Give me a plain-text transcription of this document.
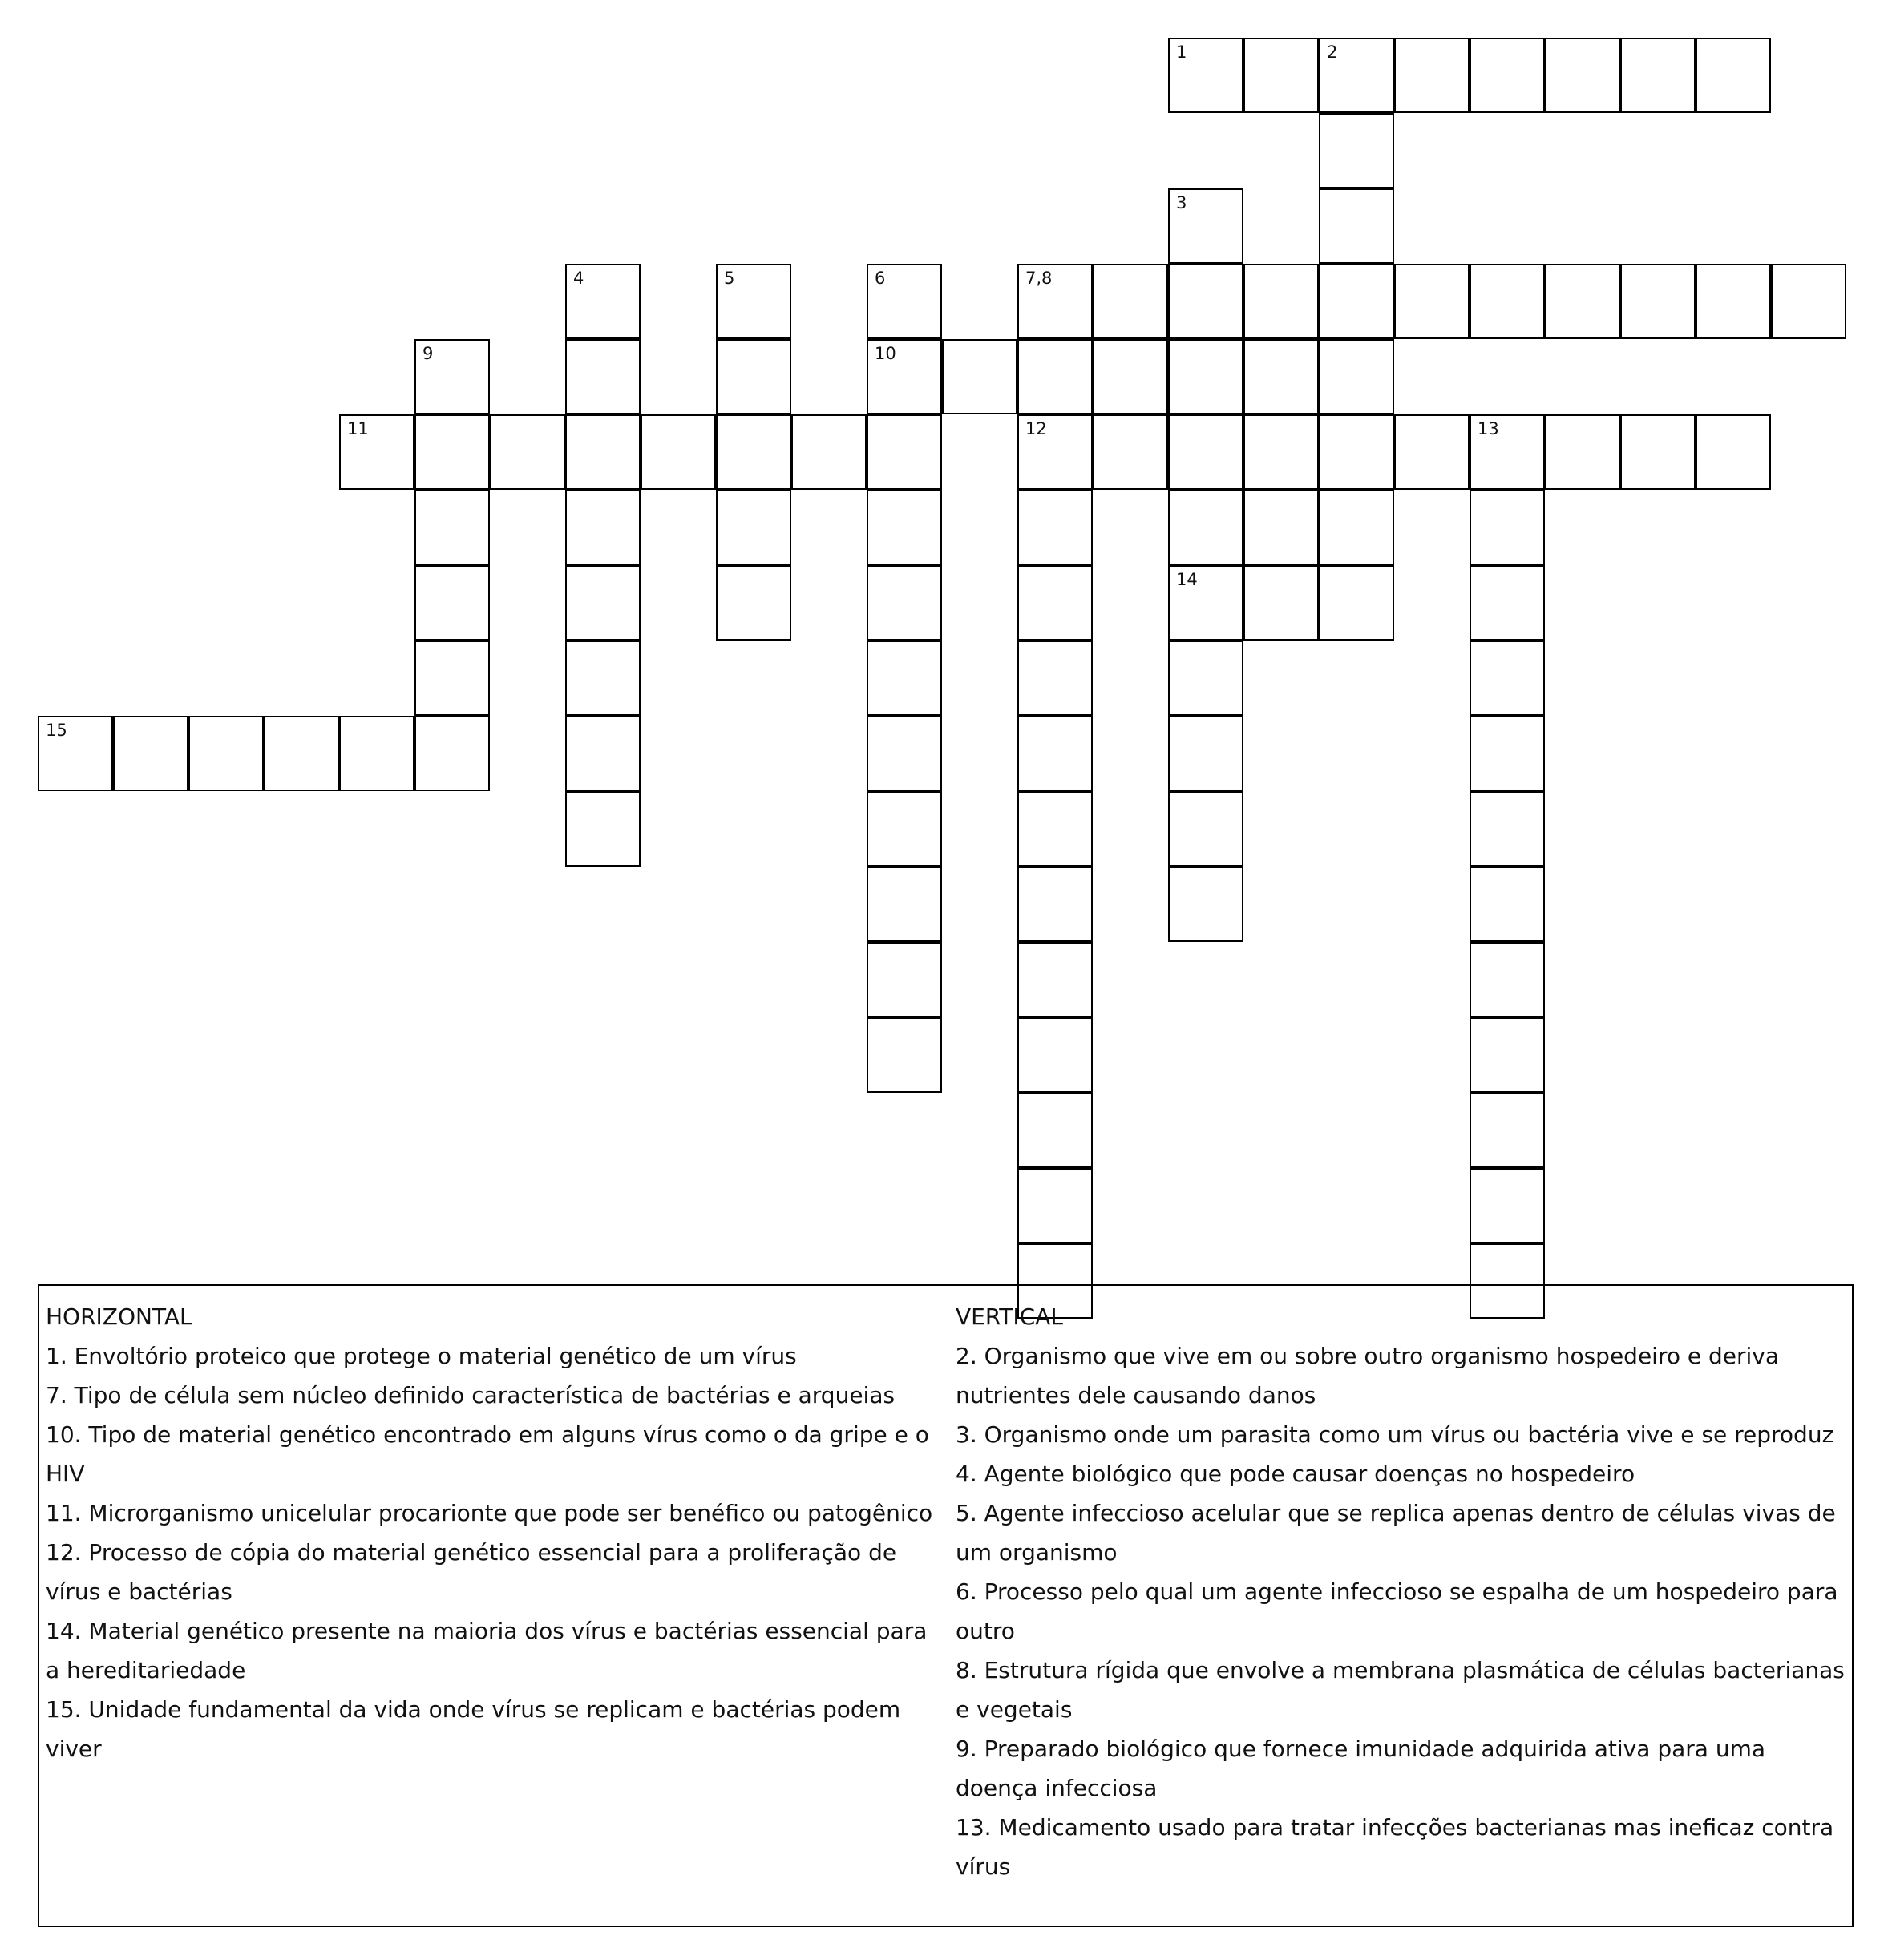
1	2
3
4	5	6	7,8
9	10
11	12	13
14
15
HORIZONTAL
1. Envoltório proteico que protege o material genético de um vírus
7. Tipo de célula sem núcleo definido característica de bactérias e arqueias
10. Tipo de material genético encontrado em alguns vírus como o da gripe e o HIV
11. Microrganismo unicelular procarionte que pode ser benéfico ou patogênico
12. Processo de cópia do material genético essencial para a proliferação de vírus e bactérias
14. Material genético presente na maioria dos vírus e bactérias essencial para a hereditariedade
15. Unidade fundamental da vida onde vírus se replicam e bactérias podem viver
VERTICAL
2. Organismo que vive em ou sobre outro organismo hospedeiro e deriva nutrientes dele causando danos
3. Organismo onde um parasita como um vírus ou bactéria vive e se reproduz
4. Agente biológico que pode causar doenças no hospedeiro
5. Agente infeccioso acelular que se replica apenas dentro de células vivas de um organismo
6. Processo pelo qual um agente infeccioso se espalha de um hospedeiro para outro
8. Estrutura rígida que envolve a membrana plasmática de células bacterianas e vegetais
9. Preparado biológico que fornece imunidade adquirida ativa para uma doença infecciosa
13. Medicamento usado para tratar infecções bacterianas mas ineficaz contra vírus
